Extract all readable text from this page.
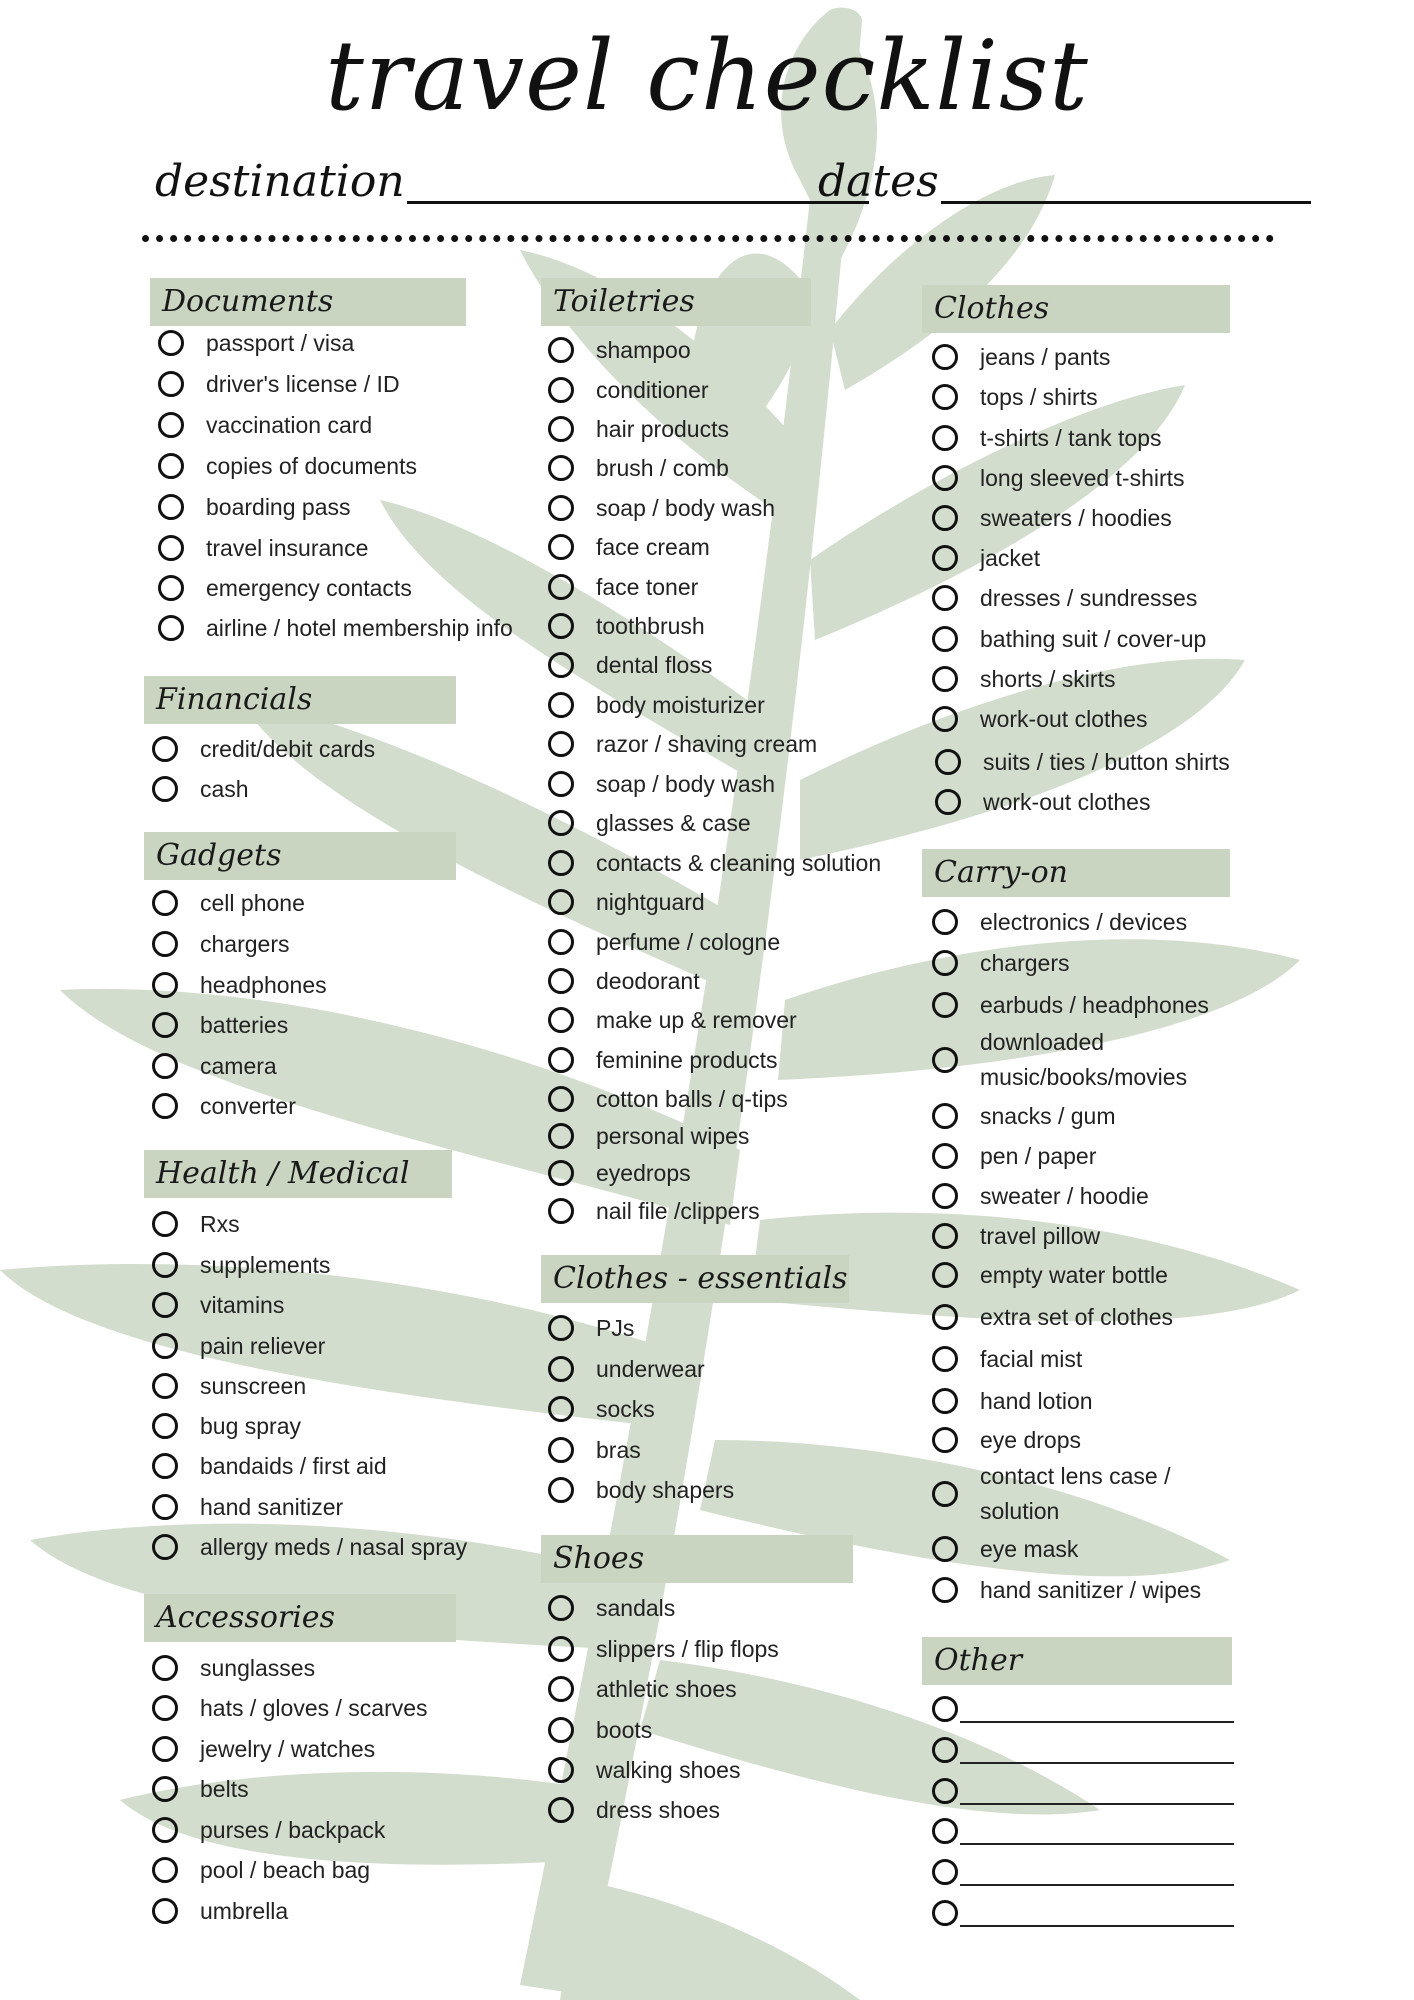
travel checklist
destination	dates
Documents
passport / visa
driver's license / ID
vaccination card
copies of documents
boarding pass
travel insurance
emergency contacts
airline / hotel membership info
Financials
credit/debit cards
cash
Gadgets
cell phone
chargers
headphones
batteries
camera
converter
Health / Medical
Rxs
supplements
vitamins
pain reliever
sunscreen
bug spray
bandaids / first aid
hand sanitizer
allergy meds / nasal spray
Accessories
sunglasses
hats / gloves / scarves
jewelry / watches
belts
purses / backpack
pool / beach bag
umbrella
Toiletries
shampoo
conditioner
hair products
brush / comb
soap / body wash
face cream
face toner
toothbrush
dental floss
body moisturizer
razor / shaving cream
soap / body wash
glasses & case
contacts & cleaning solution
nightguard
perfume / cologne
deodorant
make up & remover
feminine products
cotton balls / q-tips
personal wipes
eyedrops
nail file /clippers
Clothes - essentials
PJs
underwear
socks
bras
body shapers
Shoes
sandals
slippers / flip flops
athletic shoes
boots
walking shoes
dress shoes
Clothes
jeans / pants
tops / shirts
t-shirts / tank tops
long sleeved t-shirts
sweaters / hoodies
jacket
dresses / sundresses
bathing suit / cover-up
shorts / skirts
work-out clothes
suits / ties / button shirts
work-out clothes
Carry-on
electronics / devices
chargers
earbuds / headphones
downloaded music/books/movies
snacks / gum
pen / paper
sweater / hoodie
travel pillow
empty water bottle
extra set of clothes
facial mist
hand lotion
eye drops
contact lens case / solution
eye mask
hand sanitizer / wipes
Other
